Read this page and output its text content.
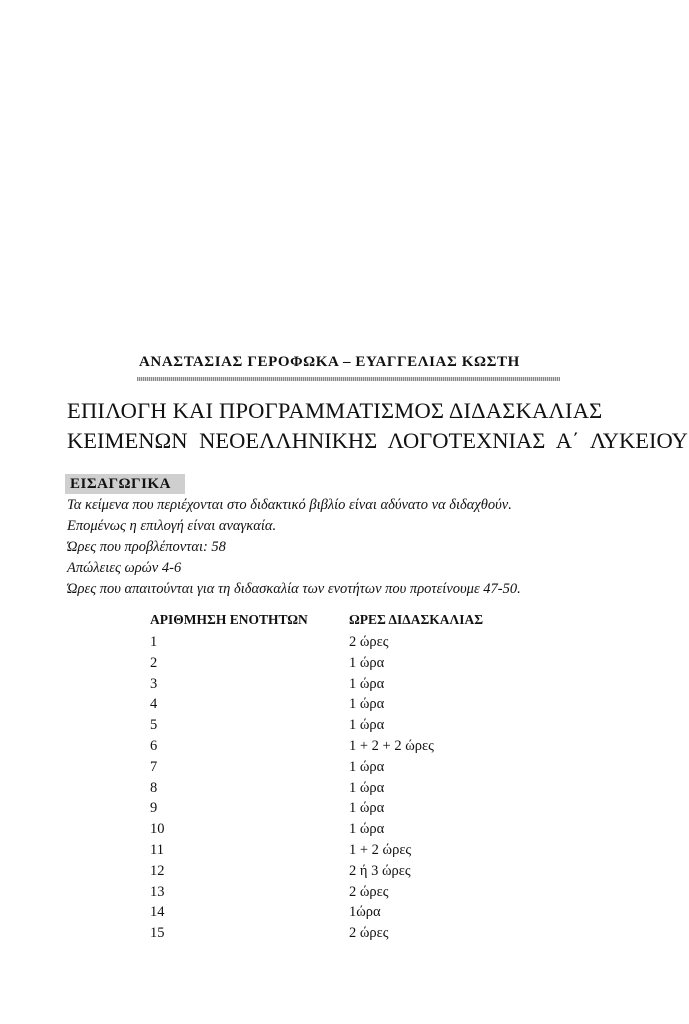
ΑΝΑΣΤΑΣΙΑΣ ΓΕΡΟΦΩΚΑ – ΕΥΑΓΓΕΛΙΑΣ ΚΩΣΤΗ
ΕΠΙΛΟΓΗ ΚΑΙ ΠΡΟΓΡΑΜΜΑΤΙΣΜΟΣ ΔΙΔΑΣΚΑΛΙΑΣ
ΚΕΙΜΕΝΩΝ ΝΕΟΕΛΛΗΝΙΚΗΣ ΛΟΓΟΤΕΧΝΙΑΣ Α΄ ΛΥΚΕΙΟΥ
ΕΙΣΑΓΩΓΙΚΑ
Τα κείμενα που περιέχονται στο διδακτικό βιβλίο είναι αδύνατο να διδαχθούν.
Επομένως η επιλογή είναι αναγκαία.
Ώρες που προβλέπονται: 58
Απώλειες ωρών 4-6
Ώρες που απαιτούνται για τη διδασκαλία των ενοτήτων που προτείνουμε 47-50.
ΑΡΙΘΜΗΣΗ ΕΝΟΤΗΤΩΝ	ΩΡΕΣ ΔΙΔΑΣΚΑΛΙΑΣ
1	2 ώρες
2	1 ώρα
3	1 ώρα
4	1 ώρα
5	1 ώρα
6	1 + 2 + 2 ώρες
7	1 ώρα
8	1 ώρα
9	1 ώρα
10	1 ώρα
11	1 + 2 ώρες
12	2 ή 3 ώρες
13	2 ώρες
14	1ώρα
15	2 ώρες
